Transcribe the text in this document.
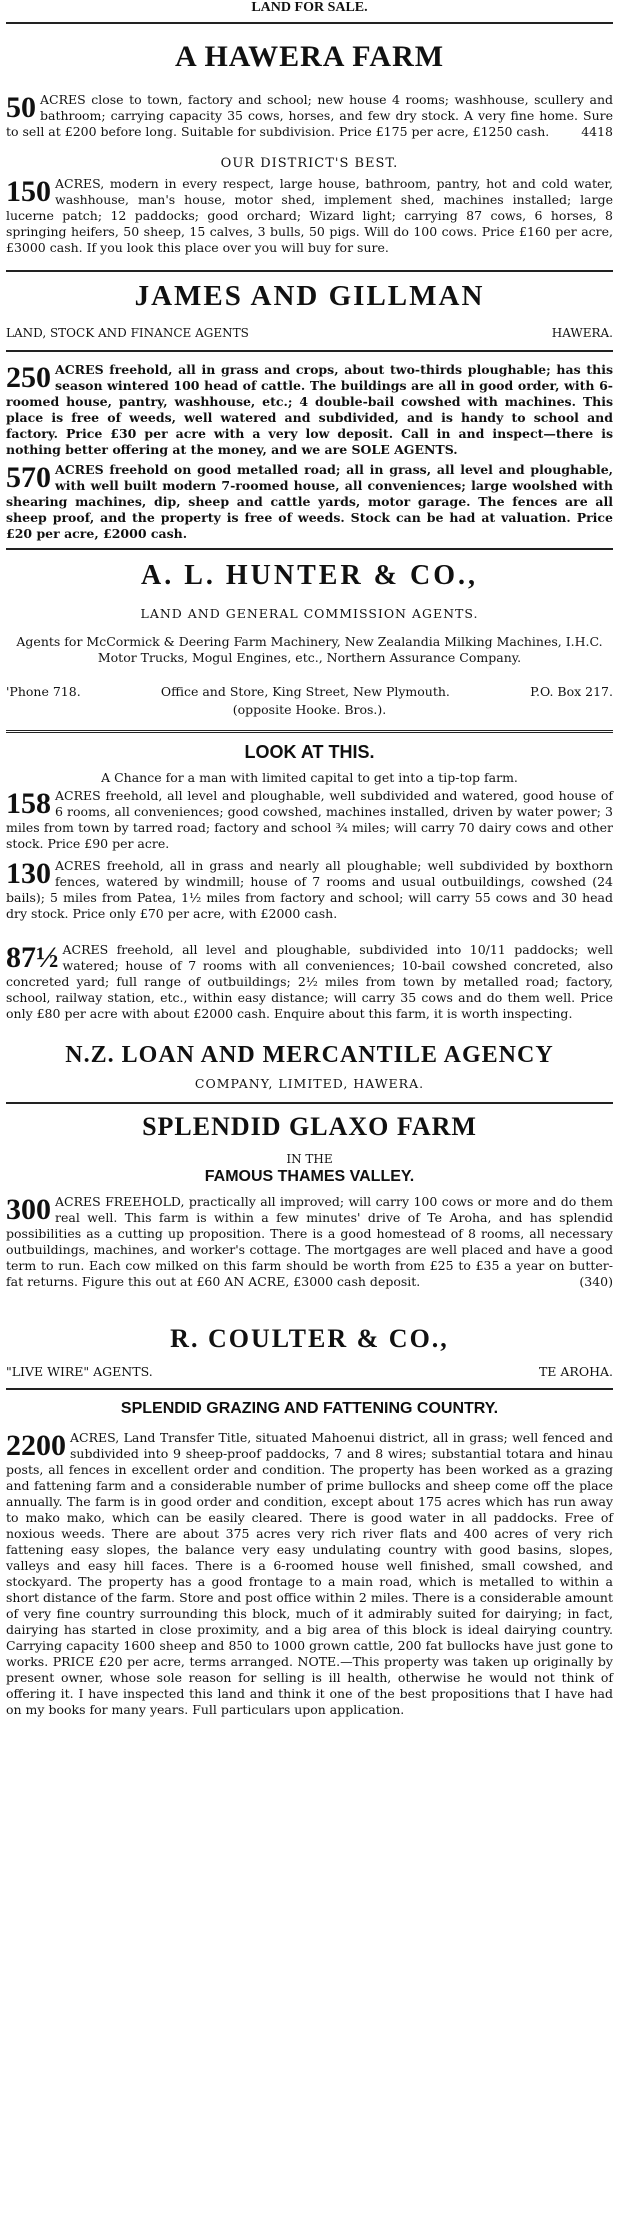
LAND FOR SALE.
A HAWERA FARM
50 ACRES close to town, factory and school; new house 4 rooms; washhouse, scullery and bathroom; carrying capacity 35 cows, horses, and few dry stock. A very fine home. Sure to sell at £200 before long. Suitable for subdivision. Price £175 per acre, £1250 cash.	4418
OUR DISTRICT'S BEST.
150 ACRES, modern in every respect, large house, bathroom, pantry, hot and cold water, washhouse, man's house, motor shed, implement shed, machines installed; large lucerne patch; 12 paddocks; good orchard; Wizard light; carrying 87 cows, 6 horses, 8 springing heifers, 50 sheep, 15 calves, 3 bulls, 50 pigs. Will do 100 cows. Price £160 per acre, £3000 cash. If you look this place over you will buy for sure.
JAMES AND GILLMAN
LAND, STOCK AND FINANCE AGENTS	HAWERA.
250 ACRES freehold, all in grass and crops, about two-thirds ploughable; has this season wintered 100 head of cattle. The buildings are all in good order, with 6-roomed house, pantry, washhouse, etc.; 4 double-bail cowshed with machines. This place is free of weeds, well watered and subdivided, and is handy to school and factory. Price £30 per acre with a very low deposit. Call in and inspect—there is nothing better offering at the money, and we are SOLE AGENTS.
570 ACRES freehold on good metalled road; all in grass, all level and ploughable, with well built modern 7-roomed house, all conveniences; large woolshed with shearing machines, dip, sheep and cattle yards, motor garage. The fences are all sheep proof, and the property is free of weeds. Stock can be had at valuation. Price £20 per acre, £2000 cash.
A. L. HUNTER & CO.,
LAND AND GENERAL COMMISSION AGENTS.
Agents for McCormick & Deering Farm Machinery, New Zealandia Milking Machines, I.H.C. Motor Trucks, Mogul Engines, etc., Northern Assurance Company.
'Phone 718.	Office and Store, King Street, New Plymouth.	P.O. Box 217.
(opposite Hooke. Bros.).
LOOK AT THIS.
A Chance for a man with limited capital to get into a tip-top farm.
158 ACRES freehold, all level and ploughable, well subdivided and watered, good house of 6 rooms, all conveniences; good cowshed, machines installed, driven by water power; 3 miles from town by tarred road; factory and school ¾ miles; will carry 70 dairy cows and other stock. Price £90 per acre.
130 ACRES freehold, all in grass and nearly all ploughable; well subdivided by boxthorn fences, watered by windmill; house of 7 rooms and usual outbuildings, cowshed (24 bails); 5 miles from Patea, 1½ miles from factory and school; will carry 55 cows and 30 head dry stock. Price only £70 per acre, with £2000 cash.
87½ ACRES freehold, all level and ploughable, subdivided into 10/11 paddocks; well watered; house of 7 rooms with all conveniences; 10-bail cowshed concreted, also concreted yard; full range of outbuildings; 2½ miles from town by metalled road; factory, school, railway station, etc., within easy distance; will carry 35 cows and do them well. Price only £80 per acre with about £2000 cash. Enquire about this farm, it is worth inspecting.
N.Z. LOAN AND MERCANTILE AGENCY
COMPANY, LIMITED, HAWERA.
SPLENDID GLAXO FARM
IN THE
FAMOUS THAMES VALLEY.
300 ACRES FREEHOLD, practically all improved; will carry 100 cows or more and do them real well. This farm is within a few minutes' drive of Te Aroha, and has splendid possibilities as a cutting up proposition. There is a good homestead of 8 rooms, all necessary outbuildings, machines, and worker's cottage. The mortgages are well placed and have a good term to run. Each cow milked on this farm should be worth from £25 to £35 a year on butter-fat returns. Figure this out at £60 AN ACRE, £3000 cash deposit.	(340)
R. COULTER & CO.,
"LIVE WIRE" AGENTS.	TE AROHA.
SPLENDID GRAZING AND FATTENING COUNTRY.
2200 ACRES, Land Transfer Title, situated Mahoenui district, all in grass; well fenced and subdivided into 9 sheep-proof paddocks, 7 and 8 wires; substantial totara and hinau posts, all fences in excellent order and condition. The property has been worked as a grazing and fattening farm and a considerable number of prime bullocks and sheep come off the place annually. The farm is in good order and condition, except about 175 acres which has run away to mako mako, which can be easily cleared. There is good water in all paddocks. Free of noxious weeds. There are about 375 acres very rich river flats and 400 acres of very rich fattening easy slopes, the balance very easy undulating country with good basins, slopes, valleys and easy hill faces. There is a 6-roomed house well finished, small cowshed, and stockyard. The property has a good frontage to a main road, which is metalled to within a short distance of the farm. Store and post office within 2 miles. There is a considerable amount of very fine country surrounding this block, much of it admirably suited for dairying; in fact, dairying has started in close proximity, and a big area of this block is ideal dairying country. Carrying capacity 1600 sheep and 850 to 1000 grown cattle, 200 fat bullocks have just gone to works. PRICE £20 per acre, terms arranged. NOTE.—This property was taken up originally by present owner, whose sole reason for selling is ill health, otherwise he would not think of offering it. I have inspected this land and think it one of the best propositions that I have had on my books for many years. Full particulars upon application.
